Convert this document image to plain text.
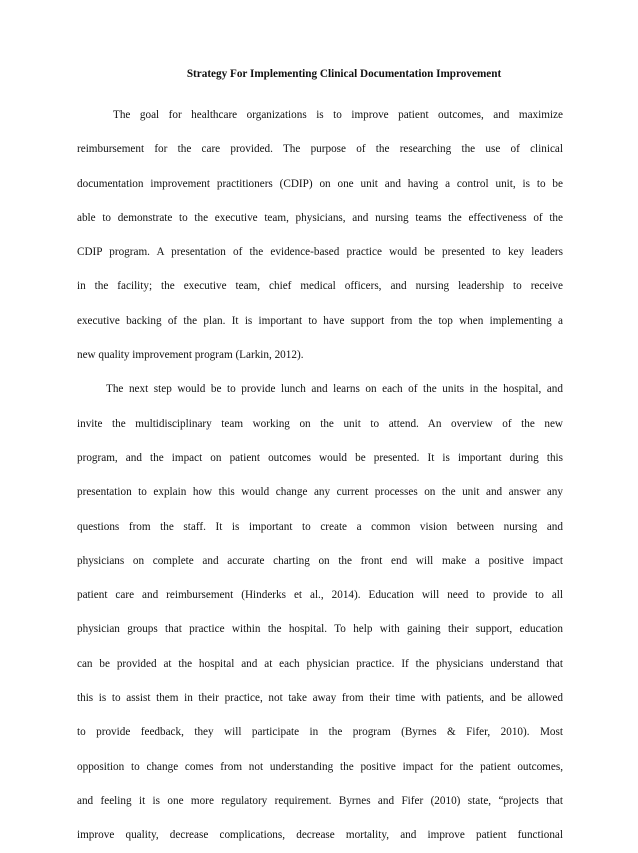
Strategy For Implementing Clinical Documentation Improvement
The goal for healthcare organizations is to improve patient outcomes, and maximize
reimbursement for the care provided. The purpose of the researching the use of clinical
documentation improvement practitioners (CDIP) on one unit and having a control unit, is to be
able to demonstrate to the executive team, physicians, and nursing teams the effectiveness of the
CDIP program. A presentation of the evidence-based practice would be presented to key leaders
in the facility; the executive team, chief medical officers, and nursing leadership to receive
executive backing of the plan. It is important to have support from the top when implementing a
new quality improvement program (Larkin, 2012).
The next step would be to provide lunch and learns on each of the units in the hospital, and
invite the multidisciplinary team working on the unit to attend. An overview of the new
program, and the impact on patient outcomes would be presented. It is important during this
presentation to explain how this would change any current processes on the unit and answer any
questions from the staff. It is important to create a common vision between nursing and
physicians on complete and accurate charting on the front end will make a positive impact
patient care and reimbursement (Hinderks et al., 2014). Education will need to provide to all
physician groups that practice within the hospital. To help with gaining their support, education
can be provided at the hospital and at each physician practice. If the physicians understand that
this is to assist them in their practice, not take away from their time with patients, and be allowed
to provide feedback, they will participate in the program (Byrnes & Fifer, 2010). Most
opposition to change comes from not understanding the positive impact for the patient outcomes,
and feeling it is one more regulatory requirement. Byrnes and Fifer (2010) state, “projects that
improve quality, decrease complications, decrease mortality, and improve patient functional
